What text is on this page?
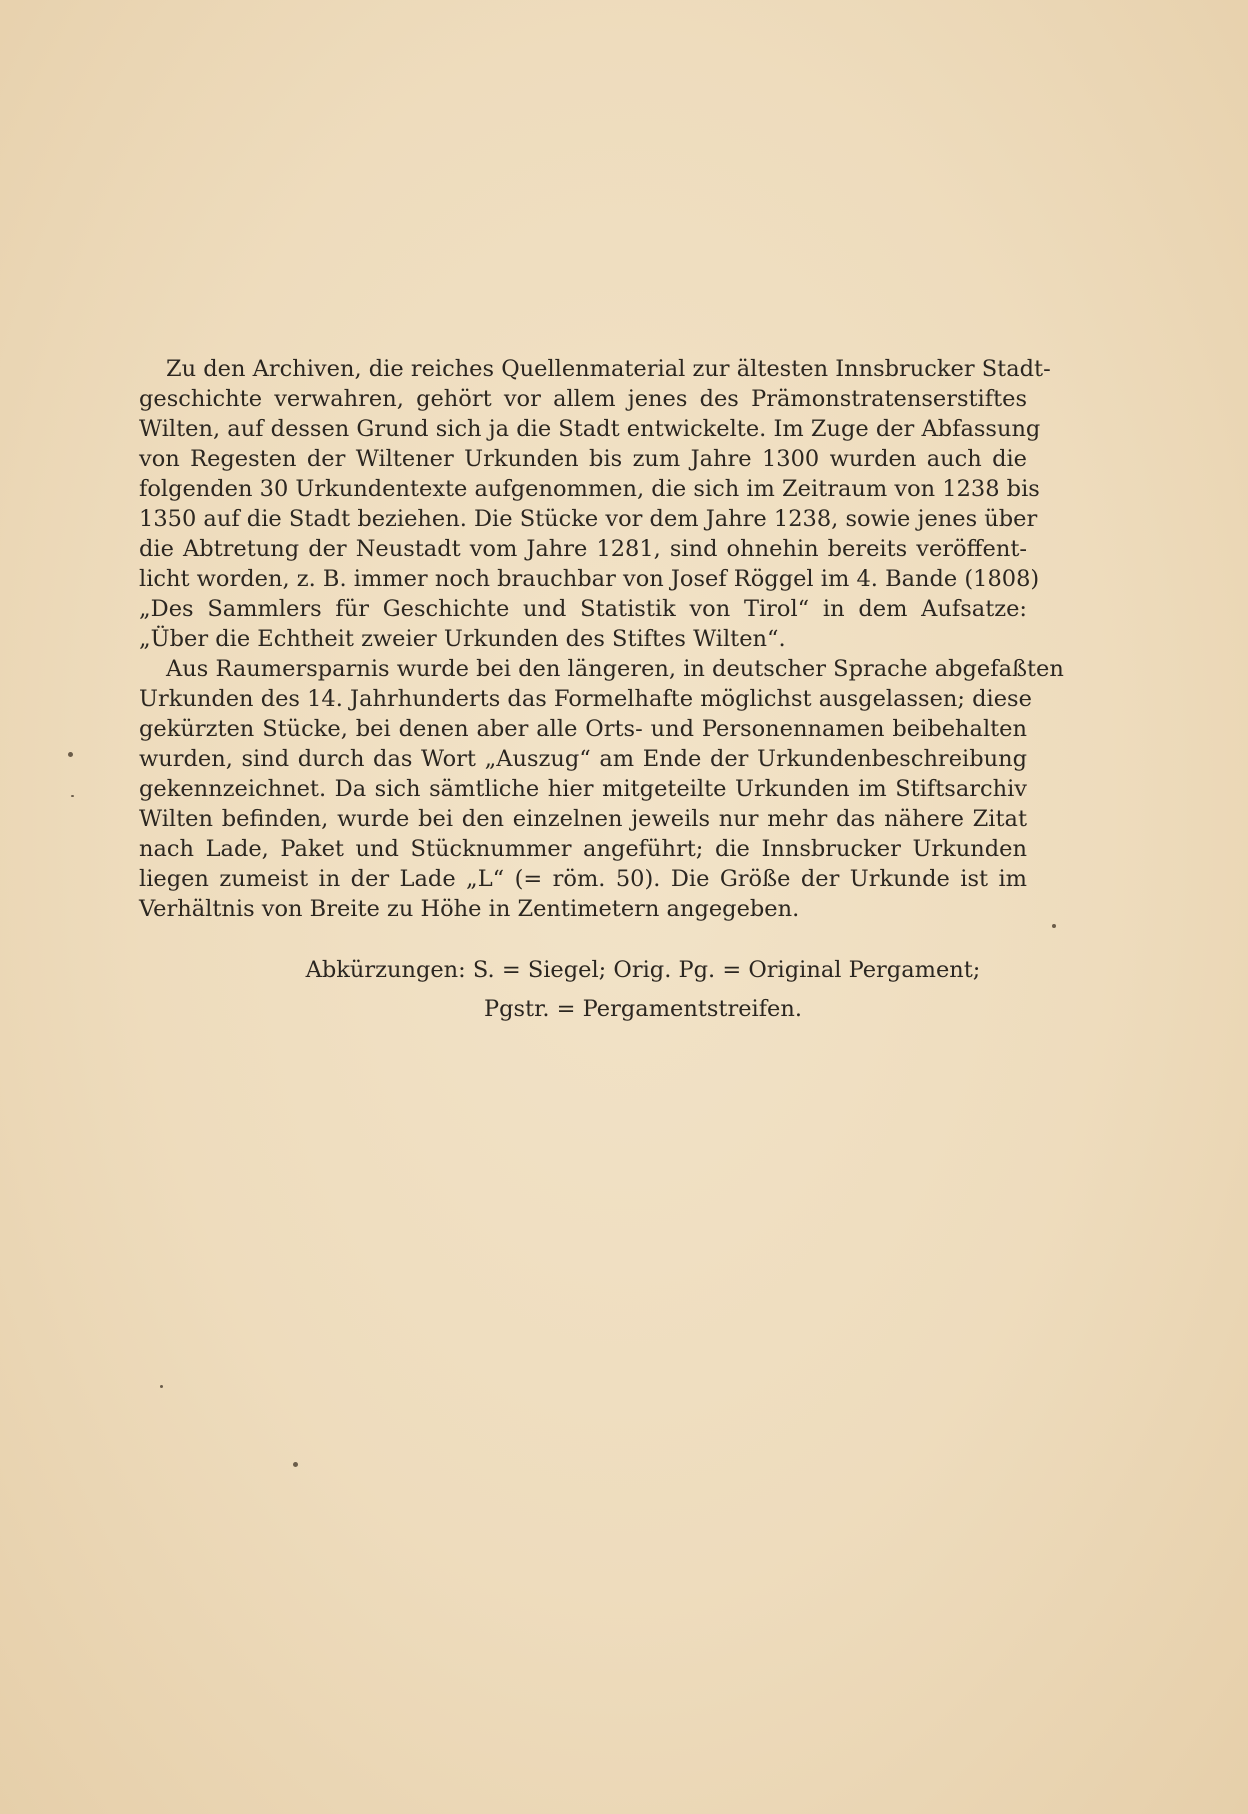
Zu den Archiven, die reiches Quellenmaterial zur ältesten Innsbrucker Stadt-
geschichte verwahren, gehört vor allem jenes des Prämonstratenserstiftes
Wilten, auf dessen Grund sich ja die Stadt entwickelte. Im Zuge der Abfassung
von Regesten der Wiltener Urkunden bis zum Jahre 1300 wurden auch die
folgenden 30 Urkundentexte aufgenommen, die sich im Zeitraum von 1238 bis
1350 auf die Stadt beziehen. Die Stücke vor dem Jahre 1238, sowie jenes über
die Abtretung der Neustadt vom Jahre 1281, sind ohnehin bereits veröffent-
licht worden, z. B. immer noch brauchbar von Josef Röggel im 4. Bande (1808)
„Des Sammlers für Geschichte und Statistik von Tirol“ in dem Aufsatze:
„Über die Echtheit zweier Urkunden des Stiftes Wilten“.
Aus Raumersparnis wurde bei den längeren, in deutscher Sprache abgefaßten
Urkunden des 14. Jahrhunderts das Formelhafte möglichst ausgelassen; diese
gekürzten Stücke, bei denen aber alle Orts- und Personennamen beibehalten
wurden, sind durch das Wort „Auszug“ am Ende der Urkundenbeschreibung
gekennzeichnet. Da sich sämtliche hier mitgeteilte Urkunden im Stiftsarchiv
Wilten befinden, wurde bei den einzelnen jeweils nur mehr das nähere Zitat
nach Lade, Paket und Stücknummer angeführt; die Innsbrucker Urkunden
liegen zumeist in der Lade „L“ (= röm. 50). Die Größe der Urkunde ist im
Verhältnis von Breite zu Höhe in Zentimetern angegeben.
Abkürzungen: S. = Siegel; Orig. Pg. = Original Pergament;
Pgstr. = Pergamentstreifen.
